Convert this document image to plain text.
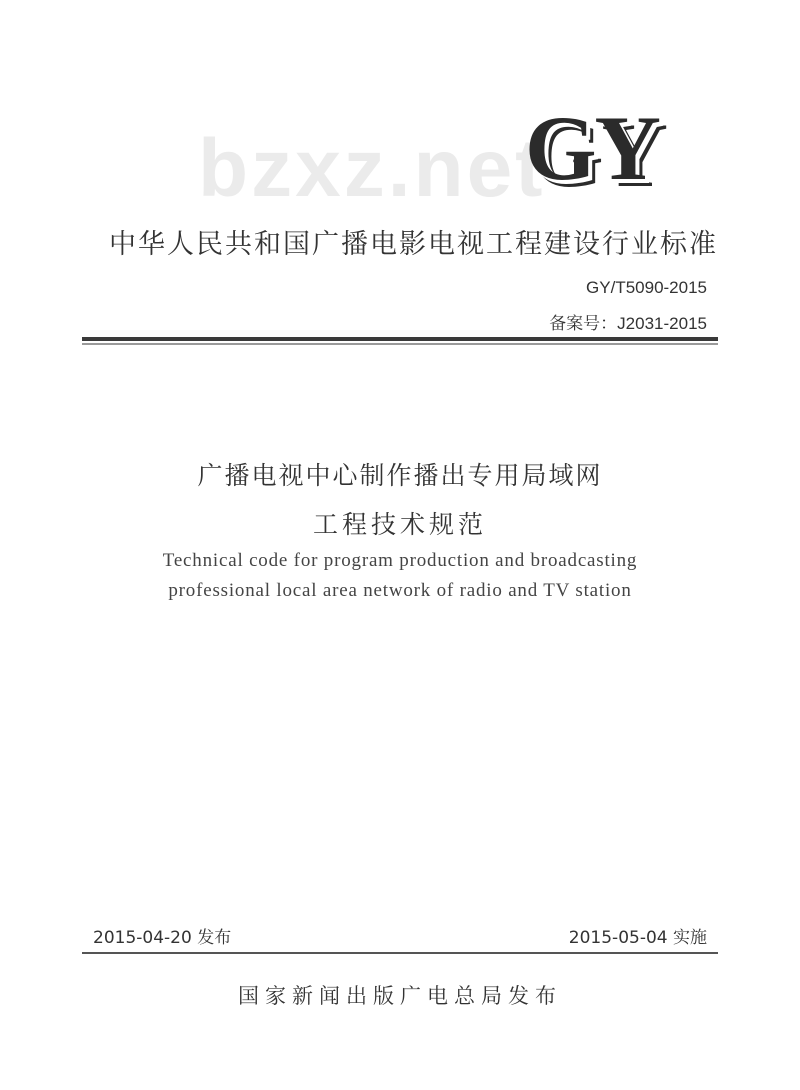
bzxz.net
GY
中华人民共和国广播电影电视工程建设行业标准
GY/T5090-2015
备案号：J2031-2015
广播电视中心制作播出专用局域网
工程技术规范
Technical code for program production and broadcasting
professional local area network of radio and TV station
2015-04-20 发布	2015-05-04 实施
国家新闻出版广电总局发布
